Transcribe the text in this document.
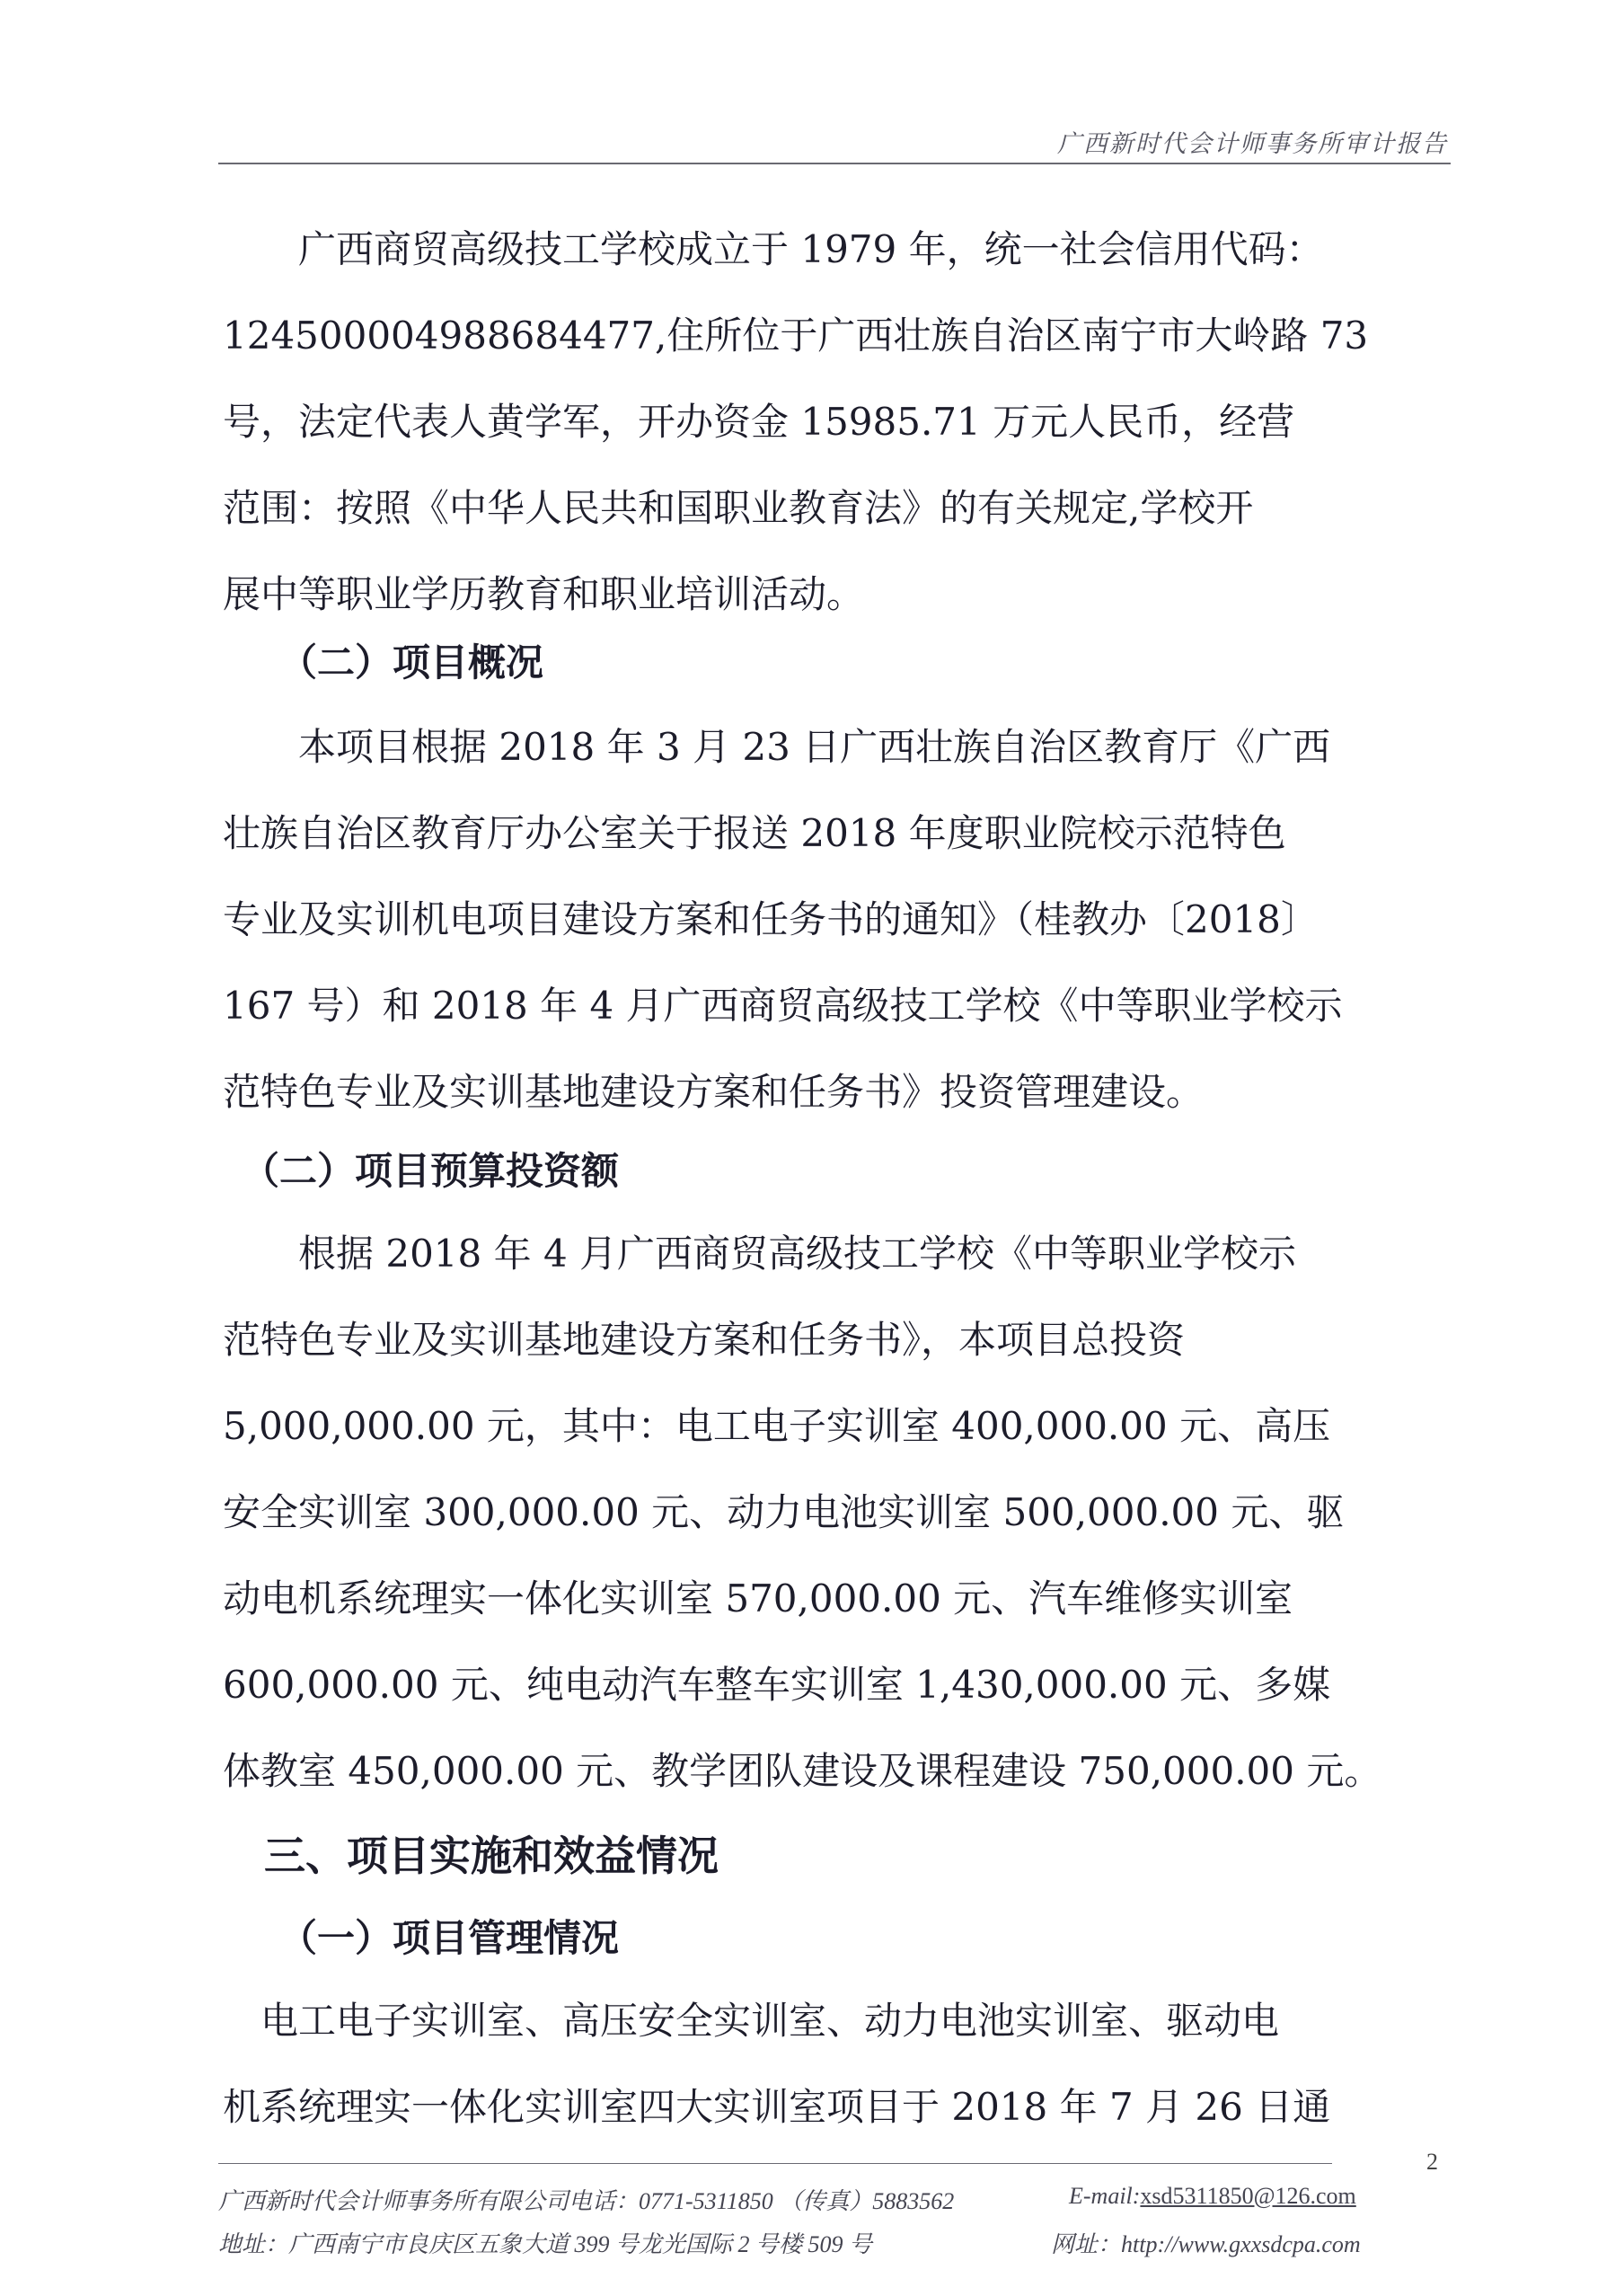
广西新时代会计师事务所审计报告
　　广西商贸高级技工学校成立于 1979 年，统一社会信用代码：
124500004988684477,住所位于广西壮族自治区南宁市大岭路 73
号，法定代表人黄学军，开办资金 15985.71 万元人民币，经营
范围：按照《中华人民共和国职业教育法》的有关规定,学校开
展中等职业学历教育和职业培训活动。
　　（二）项目概况
　　本项目根据 2018 年 3 月 23 日广西壮族自治区教育厅《广西
壮族自治区教育厅办公室关于报送 2018 年度职业院校示范特色
专业及实训机电项目建设方案和任务书的通知》（桂教办〔2018〕
167 号）和 2018 年 4 月广西商贸高级技工学校《中等职业学校示
范特色专业及实训基地建设方案和任务书》投资管理建设。
　（二）项目预算投资额
　　根据 2018 年 4 月广西商贸高级技工学校《中等职业学校示
范特色专业及实训基地建设方案和任务书》，本项目总投资
5,000,000.00 元，其中：电工电子实训室 400,000.00 元、高压
安全实训室 300,000.00 元、动力电池实训室 500,000.00 元、驱
动电机系统理实一体化实训室 570,000.00 元、汽车维修实训室
600,000.00 元、纯电动汽车整车实训室 1,430,000.00 元、多媒
体教室 450,000.00 元、教学团队建设及课程建设 750,000.00 元。
　三、项目实施和效益情况
　　（一）项目管理情况
　电工电子实训室、高压安全实训室、动力电池实训室、驱动电
机系统理实一体化实训室四大实训室项目于 2018 年 7 月 26 日通
2
广西新时代会计师事务所有限公司电话：0771-5311850 （传真）5883562	E-mail:xsd5311850@126.com
地址：广西南宁市良庆区五象大道 399 号龙光国际 2 号楼 509 号	网址：http://www.gxxsdcpa.com
